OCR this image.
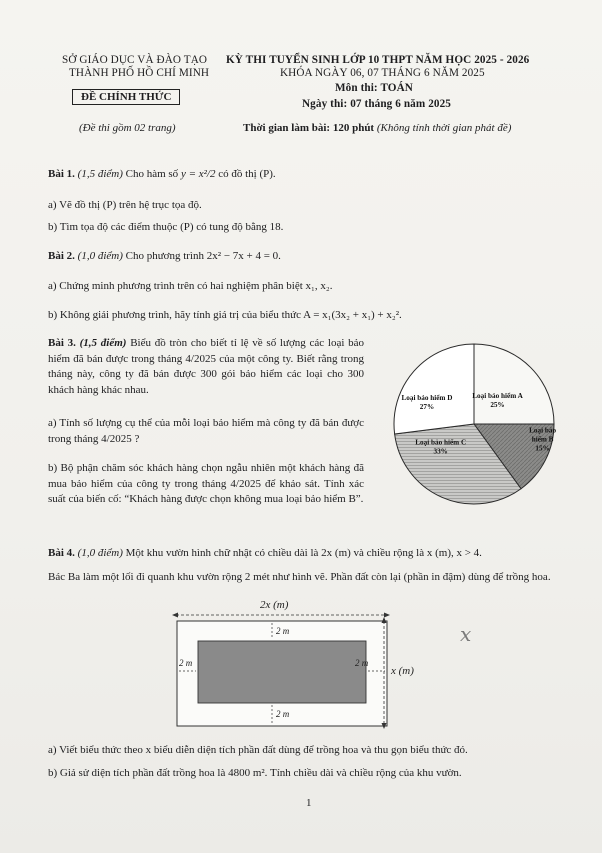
SỞ GIÁO DỤC VÀ ĐÀO TẠO
THÀNH PHỐ HỒ CHÍ MINH
ĐỀ CHÍNH THỨC
(Đề thi gồm 02 trang)
KỲ THI TUYỂN SINH LỚP 10 THPT NĂM HỌC 2025 - 2026
KHÓA NGÀY 06, 07 THÁNG 6 NĂM 2025
Môn thi: TOÁN
Ngày thi: 07 tháng 6 năm 2025
Thời gian làm bài: 120 phút (Không tính thời gian phát đề)
Bài 1. (1,5 điểm) Cho hàm số y = x²/2 có đồ thị (P).
a) Vẽ đồ thị (P) trên hệ trục tọa độ.
b) Tìm tọa độ các điểm thuộc (P) có tung độ bằng 18.
Bài 2. (1,0 điểm) Cho phương trình 2x² − 7x + 4 = 0.
a) Chứng minh phương trình trên có hai nghiệm phân biệt x₁, x₂.
b) Không giải phương trình, hãy tính giá trị của biểu thức A = x₁(3x₂ + x₁) + x₂².
Bài 3. (1,5 điểm) Biểu đồ tròn cho biết tỉ lệ về số lượng các loại bảo hiểm đã bán được trong tháng 4/2025 của một công ty. Biết rằng trong tháng này, công ty đã bán được 300 gói bảo hiểm các loại cho 300 khách hàng khác nhau.
a) Tính số lượng cụ thể của mỗi loại bảo hiểm mà công ty đã bán được trong tháng 4/2025 ?
b) Bộ phận chăm sóc khách hàng chọn ngẫu nhiên một khách hàng đã mua bảo hiểm của công ty trong tháng 4/2025 để khảo sát. Tính xác suất của biến cố: “Khách hàng được chọn không mua loại bảo hiểm B”.
Loại bảo hiểm A
25%
Loại bảo
hiểm B
15%
Loại bảo hiểm C
33%
Loại bảo hiểm D
27%
Bài 4. (1,0 điểm) Một khu vườn hình chữ nhật có chiều dài là 2x (m) và chiều rộng là x (m), x > 4.
Bác Ba làm một lối đi quanh khu vườn rộng 2 mét như hình vẽ. Phần đất còn lại (phần in đậm) dùng để trồng hoa.
2x (m)
2 m
2 m
2 m	2 m
x (m)
x
a) Viết biểu thức theo x biểu diễn diện tích phần đất dùng để trồng hoa và thu gọn biểu thức đó.
b) Giả sử diện tích phần đất trồng hoa là 4800 m². Tính chiều dài và chiều rộng của khu vườn.
1
